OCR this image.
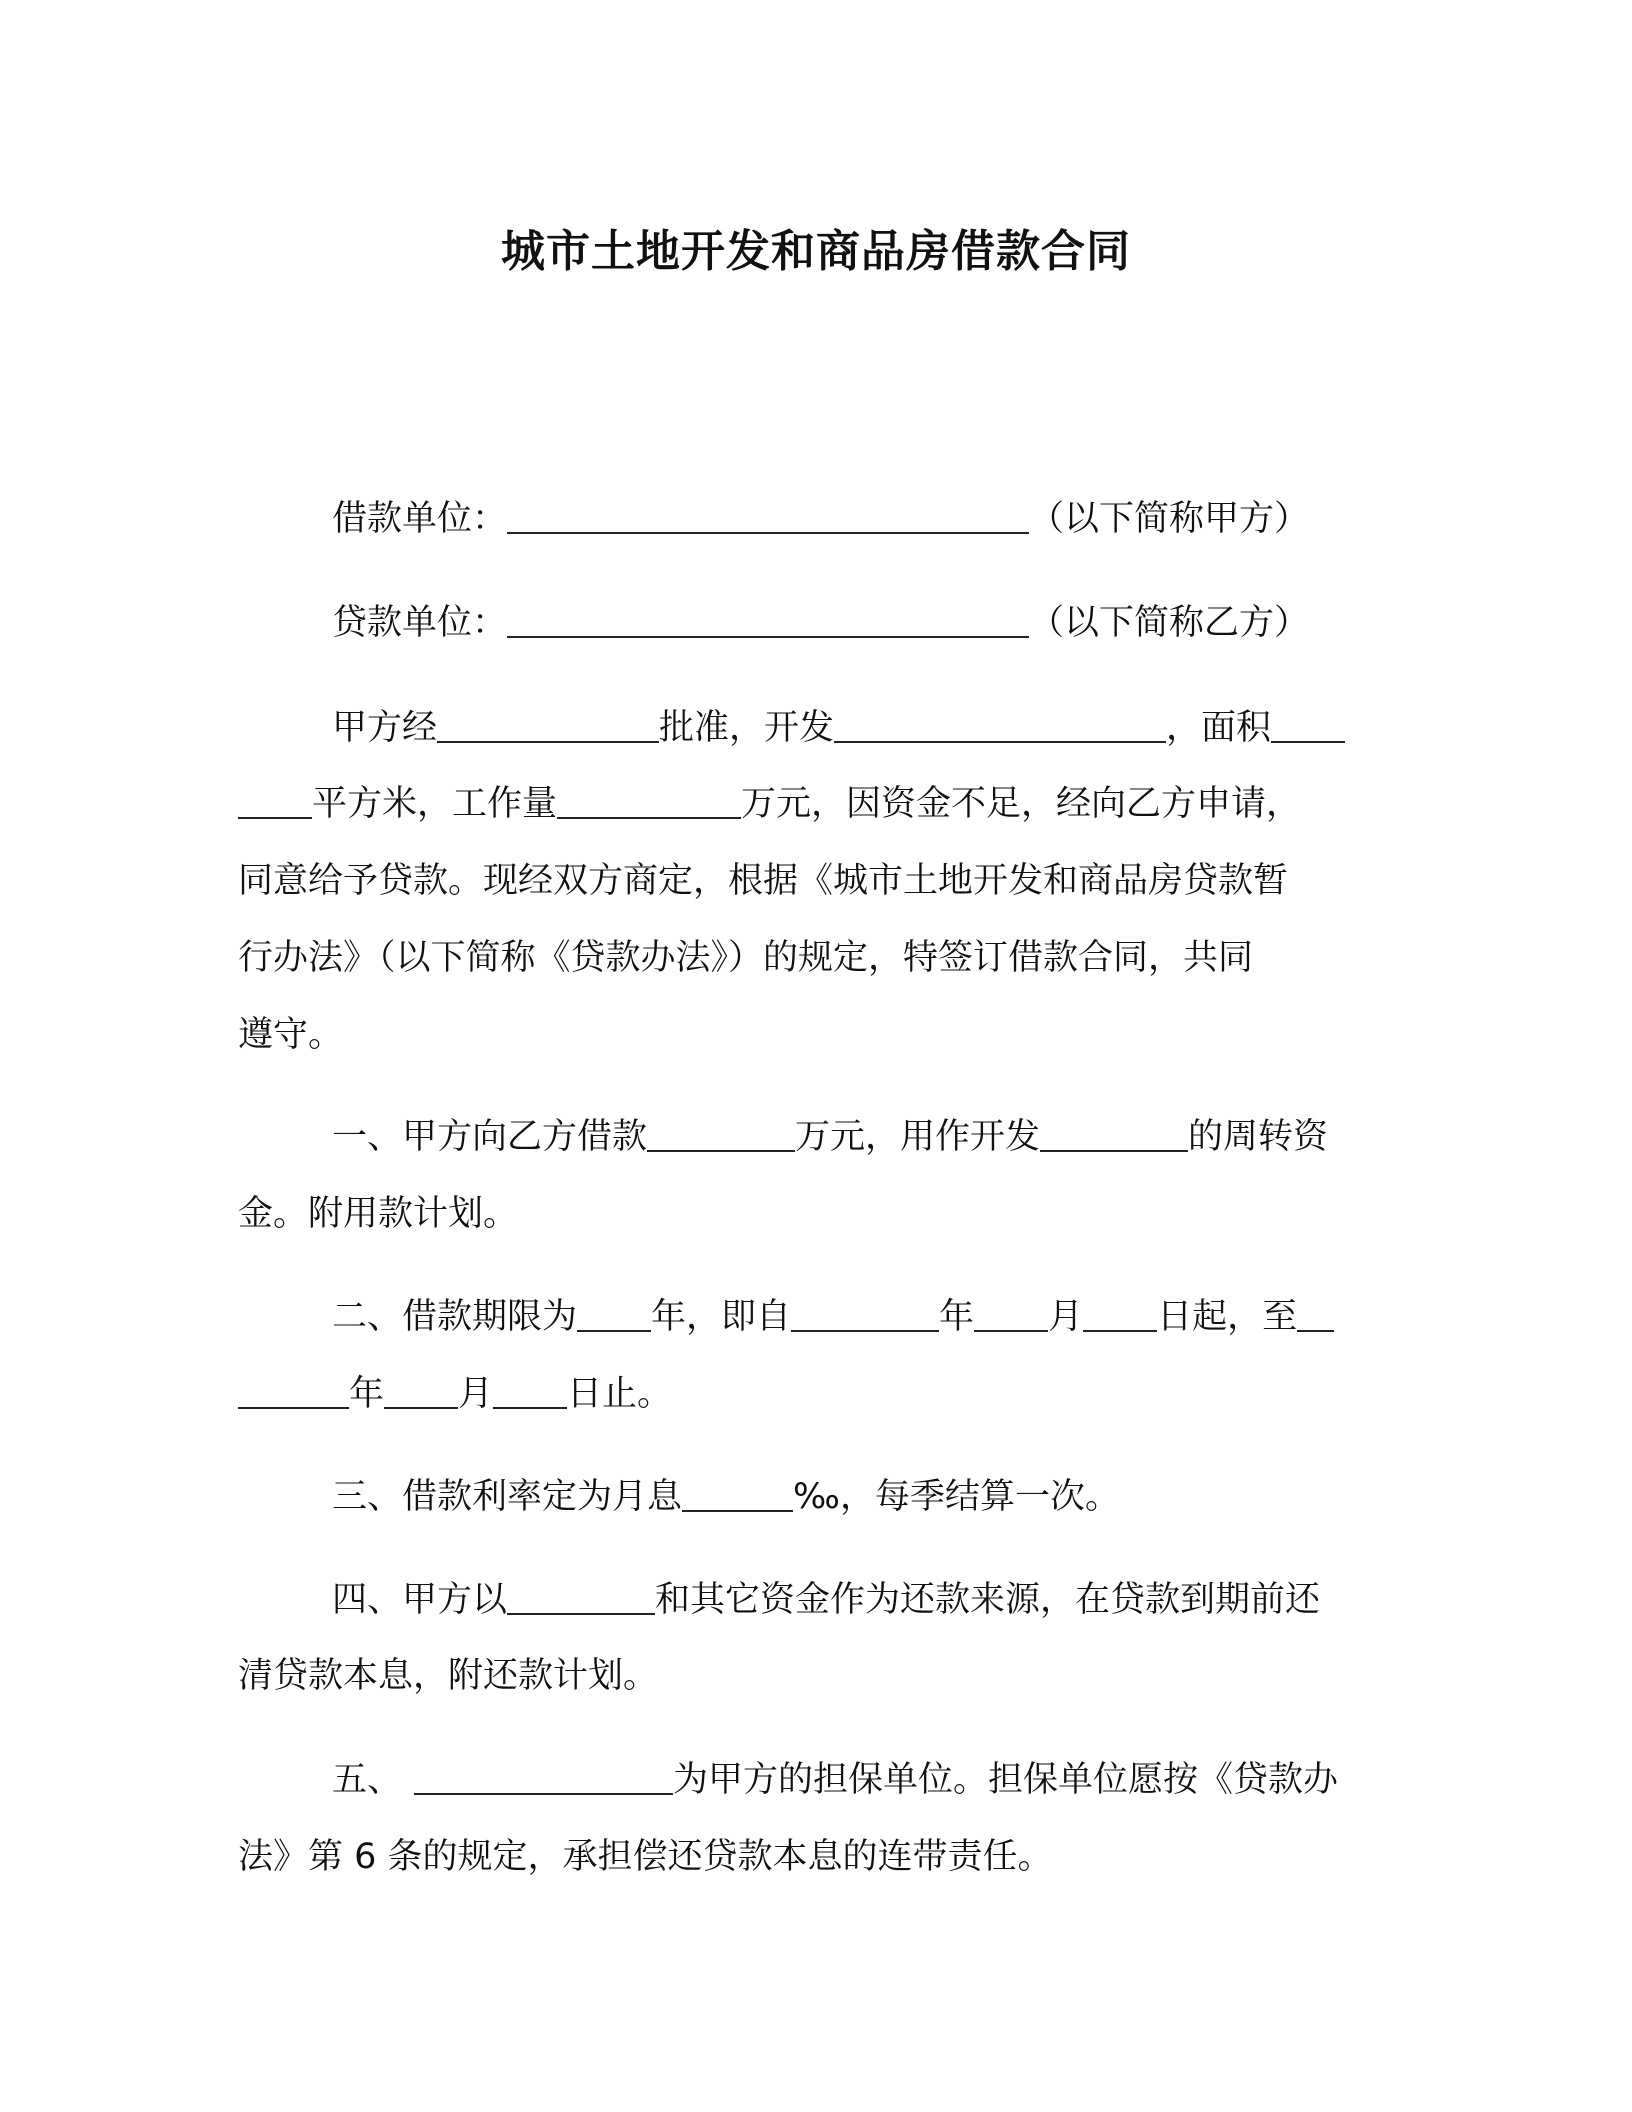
城市土地开发和商品房借款合同
借款单位：	（以下简称甲方）
贷款单位：	（以下简称乙方）
甲方经	批准，开发	，面积
平方米，工作量	万元，因资金不足，经向乙方申请，
同意给予贷款。现经双方商定，根据《城市土地开发和商品房贷款暂
行办法》（以下简称《贷款办法》）的规定，特签订借款合同，共同
遵守。
一、甲方向乙方借款	万元，用作开发	的周转资
金。附用款计划。
二、借款期限为 年，即自	年 月 日起，至
年 月 日止。
三、借款利率定为月息	‰，每季结算一次。
四、甲方以	和其它资金作为还款来源，在贷款到期前还
清贷款本息，附还款计划。
五、	为甲方的担保单位。担保单位愿按《贷款办
法》第 6 条的规定，承担偿还贷款本息的连带责任。
